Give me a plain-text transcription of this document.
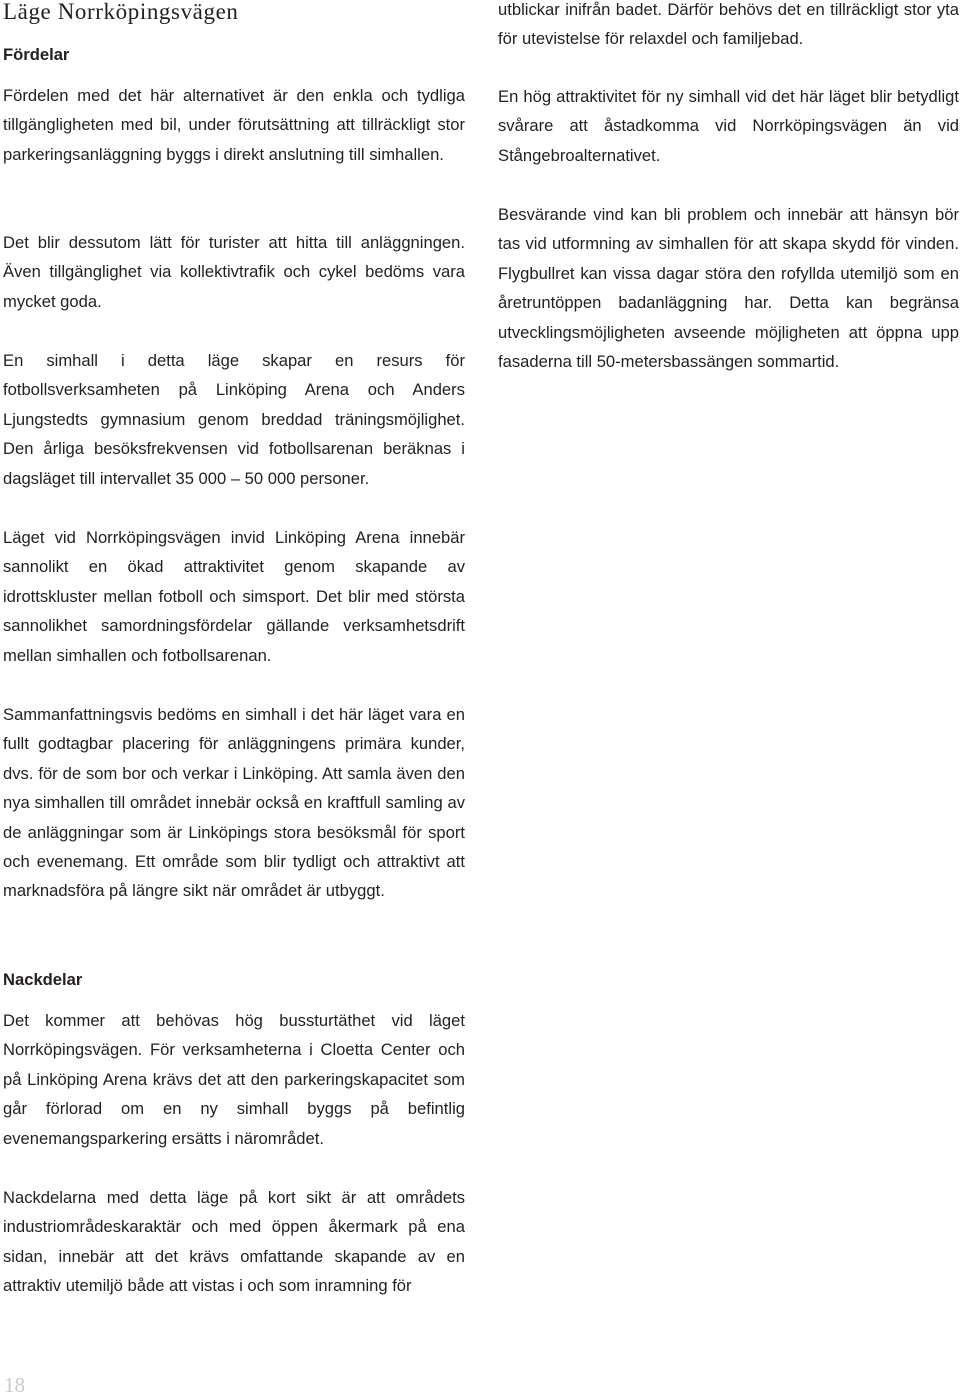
Läge Norrköpingsvägen
Fördelar

Fördelen med det här alternativet är den enkla och tydliga tillgängligheten med bil, under förutsättning att tillräckligt stor parkeringsanläggning byggs i direkt anslutning till simhallen.

Det blir dessutom lätt för turister att hitta till anläggningen. Även tillgänglighet via kollektivtrafik och cykel bedöms vara mycket goda.

En simhall i detta läge skapar en resurs för fotbollsverksamheten på Linköping Arena och Anders Ljungstedts gymnasium genom breddad träningsmöjlighet. Den årliga besöksfrekvensen vid fotbollsarenan beräknas i dagsläget till intervallet 35 000 – 50 000 personer.

Läget vid Norrköpingsvägen invid Linköping Arena innebär sannolikt en ökad attraktivitet genom skapande av idrottskluster mellan fotboll och simsport. Det blir med största sannolikhet samordningsfördelar gällande verksamhetsdrift mellan simhallen och fotbollsarenan.

Sammanfattningsvis bedöms en simhall i det här läget vara en fullt godtagbar placering för anläggningens primära kunder, dvs. för de som bor och verkar i Linköping. Att samla även den nya simhallen till området innebär också en kraftfull samling av de anläggningar som är Linköpings stora besöksmål för sport och evenemang. Ett område som blir tydligt och attraktivt att marknadsföra på längre sikt när området är utbyggt.

Nackdelar

Det kommer att behövas hög bussturtäthet vid läget Norrköpingsvägen. För verksamheterna i Cloetta Center och på Linköping Arena krävs det att den parkeringskapacitet som går förlorad om en ny simhall byggs på befintlig evenemangsparkering ersätts i närområdet.

Nackdelarna med detta läge på kort sikt är att områdets industriområdeskaraktär och med öppen åkermark på ena sidan, innebär att det krävs omfattande skapande av en attraktiv utemiljö både att vistas i och som inramning för

utblickar inifrån badet. Därför behövs det en tillräckligt stor yta för utevistelse för relaxdel och familjebad.

En hög attraktivitet för ny simhall vid det här läget blir betydligt svårare att åstadkomma vid Norrköpingsvägen än vid Stångebroalternativet.

Besvärande vind kan bli problem och innebär att hänsyn bör tas vid utformning av simhallen för att skapa skydd för vinden. Flygbullret kan vissa dagar störa den rofyllda utemiljö som en åretruntöppen badanläggning har. Detta kan begränsa utvecklingsmöjligheten avseende möjligheten att öppna upp fasaderna till 50-metersbassängen sommartid.

18
